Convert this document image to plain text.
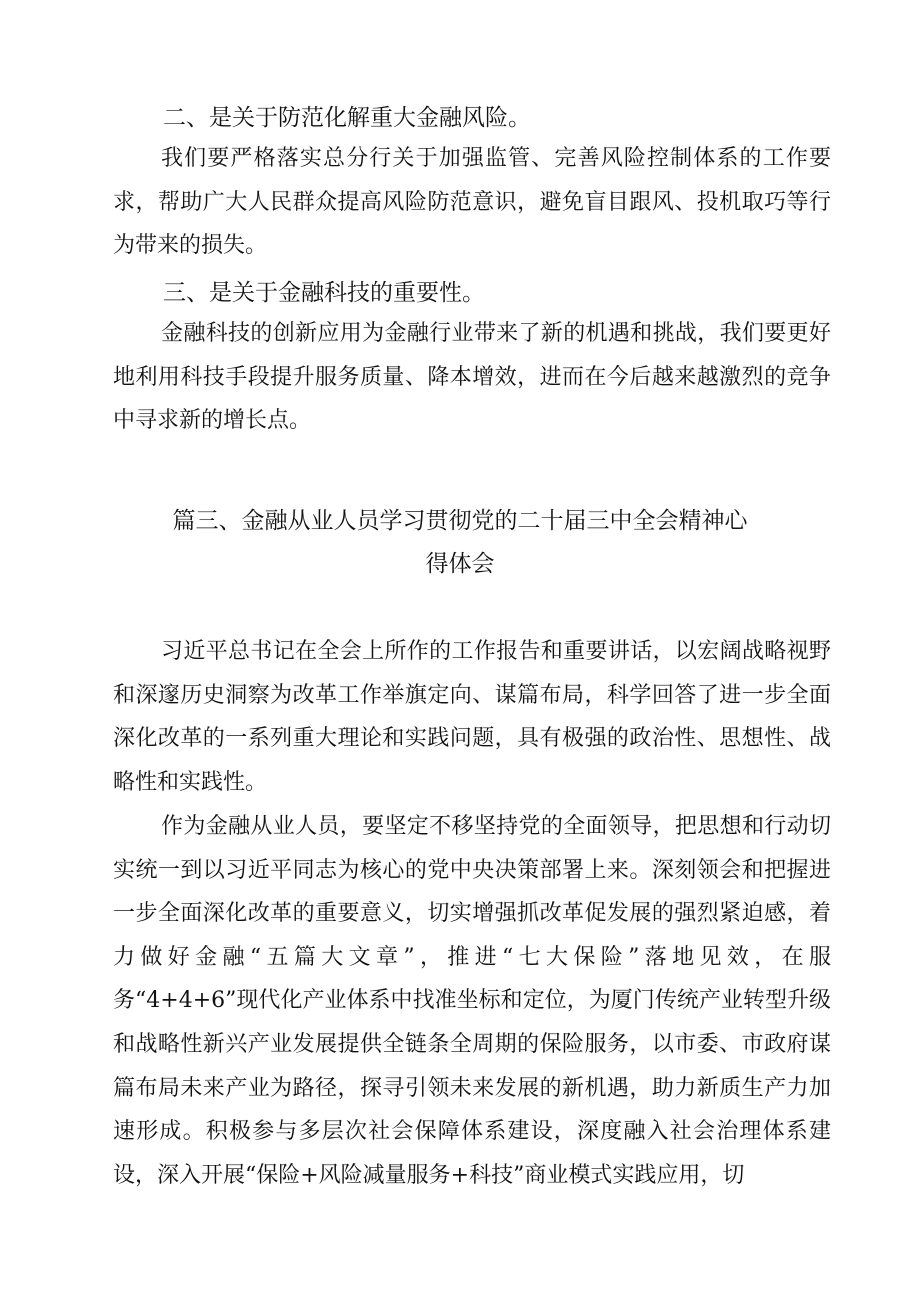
二、是关于防范化解重大金融风险。

我们要严格落实总分行关于加强监管、完善风险控制体系的工作要求，帮助广大人民群众提高风险防范意识，避免盲目跟风、投机取巧等行为带来的损失。

三、是关于金融科技的重要性。

金融科技的创新应用为金融行业带来了新的机遇和挑战，我们要更好地利用科技手段提升服务质量、降本增效，进而在今后越来越激烈的竞争中寻求新的增长点。

篇三、金融从业人员学习贯彻党的二十届三中全会精神心
得体会

习近平总书记在全会上所作的工作报告和重要讲话，以宏阔战略视野和深邃历史洞察为改革工作举旗定向、谋篇布局，科学回答了进一步全面深化改革的一系列重大理论和实践问题，具有极强的政治性、思想性、战略性和实践性。

作为金融从业人员，要坚定不移坚持党的全面领导，把思想和行动切实统一到以习近平同志为核心的党中央决策部署上来。深刻领会和把握进一步全面深化改革的重要意义，切实增强抓改革促发展的强烈紧迫感，着力做好金融“五篇大文章”，推进“七大保险”落地见效，在服务“4+4+6”现代化产业体系中找准坐标和定位，为厦门传统产业转型升级和战略性新兴产业发展提供全链条全周期的保险服务，以市委、市政府谋篇布局未来产业为路径，探寻引领未来发展的新机遇，助力新质生产力加速形成。积极参与多层次社会保障体系建设，深度融入社会治理体系建设，深入开展“保险+风险减量服务+科技”商业模式实践应用，切
